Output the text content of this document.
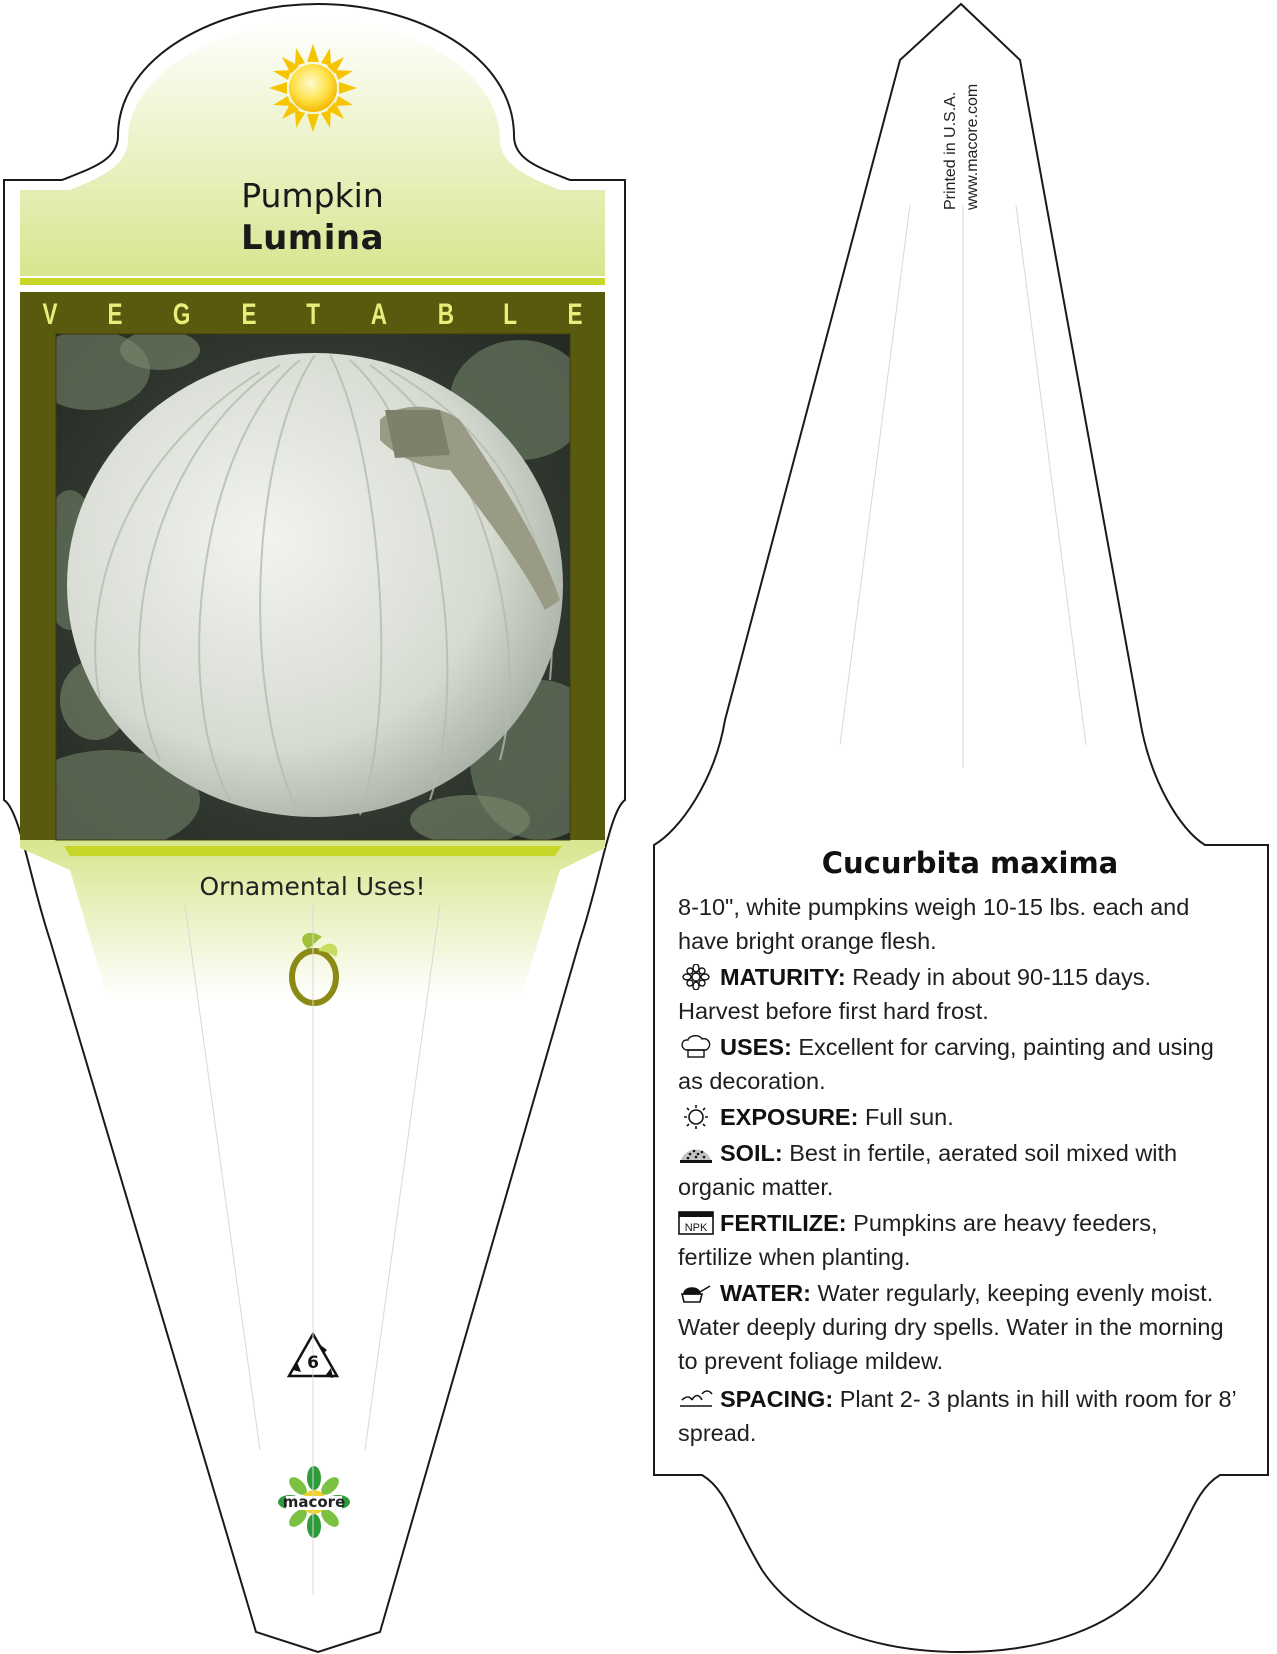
Pumpkin
Lumina
V E G E T A B L E
Ornamental Uses!
6
macore
Printed in U.S.A. www.macore.com
Cucurbita maxima
8-10", white pumpkins weigh 10-15 lbs. each and have bright orange flesh.
MATURITY: Ready in about 90-115 days. Harvest before first hard frost.
USES: Excellent for carving, painting and using as decoration.
EXPOSURE: Full sun.
SOIL: Best in fertile, aerated soil mixed with organic matter.
NPK FERTILIZE: Pumpkins are heavy feeders, fertilize when planting.
WATER: Water regularly, keeping evenly moist. Water deeply during dry spells. Water in the morning to prevent foliage mildew.
SPACING: Plant 2- 3 plants in hill with room for 8’ spread.
